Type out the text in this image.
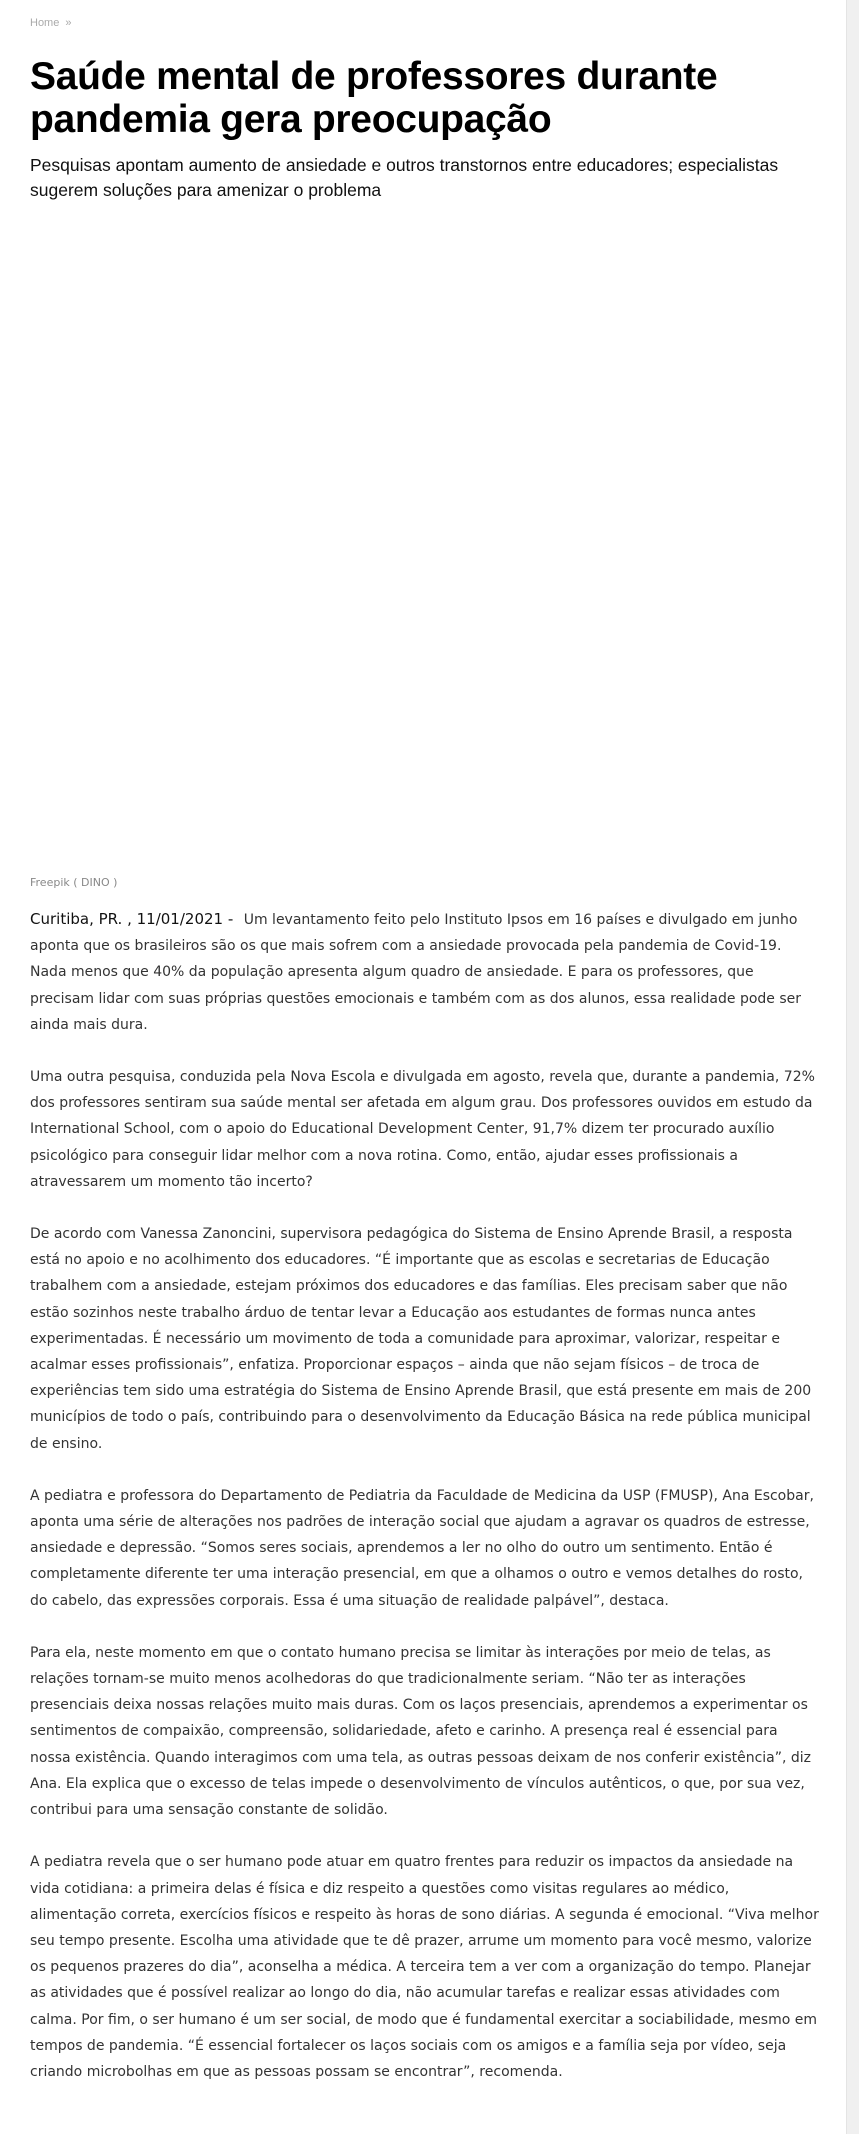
Home »
Saúde mental de professores durante pandemia gera preocupação
Pesquisas apontam aumento de ansiedade e outros transtornos entre educadores; especialistas sugerem soluções para amenizar o problema
Freepik ( DINO )

Curitiba, PR. , 11/01/2021 - Um levantamento feito pelo Instituto Ipsos em 16 países e divulgado em junho aponta que os brasileiros são os que mais sofrem com a ansiedade provocada pela pandemia de Covid-19. Nada menos que 40% da população apresenta algum quadro de ansiedade. E para os professores, que precisam lidar com suas próprias questões emocionais e também com as dos alunos, essa realidade pode ser ainda mais dura.

Uma outra pesquisa, conduzida pela Nova Escola e divulgada em agosto, revela que, durante a pandemia, 72% dos professores sentiram sua saúde mental ser afetada em algum grau. Dos professores ouvidos em estudo da International School, com o apoio do Educational Development Center, 91,7% dizem ter procurado auxílio psicológico para conseguir lidar melhor com a nova rotina. Como, então, ajudar esses profissionais a atravessarem um momento tão incerto?

De acordo com Vanessa Zanoncini, supervisora pedagógica do Sistema de Ensino Aprende Brasil, a resposta está no apoio e no acolhimento dos educadores. “É importante que as escolas e secretarias de Educação trabalhem com a ansiedade, estejam próximos dos educadores e das famílias. Eles precisam saber que não estão sozinhos neste trabalho árduo de tentar levar a Educação aos estudantes de formas nunca antes experimentadas. É necessário um movimento de toda a comunidade para aproximar, valorizar, respeitar e acalmar esses profissionais”, enfatiza. Proporcionar espaços – ainda que não sejam físicos – de troca de experiências tem sido uma estratégia do Sistema de Ensino Aprende Brasil, que está presente em mais de 200 municípios de todo o país, contribuindo para o desenvolvimento da Educação Básica na rede pública municipal de ensino.

A pediatra e professora do Departamento de Pediatria da Faculdade de Medicina da USP (FMUSP), Ana Escobar, aponta uma série de alterações nos padrões de interação social que ajudam a agravar os quadros de estresse, ansiedade e depressão. “Somos seres sociais, aprendemos a ler no olho do outro um sentimento. Então é completamente diferente ter uma interação presencial, em que a olhamos o outro e vemos detalhes do rosto, do cabelo, das expressões corporais. Essa é uma situação de realidade palpável”, destaca.

Para ela, neste momento em que o contato humano precisa se limitar às interações por meio de telas, as relações tornam-se muito menos acolhedoras do que tradicionalmente seriam. “Não ter as interações presenciais deixa nossas relações muito mais duras. Com os laços presenciais, aprendemos a experimentar os sentimentos de compaixão, compreensão, solidariedade, afeto e carinho. A presença real é essencial para nossa existência. Quando interagimos com uma tela, as outras pessoas deixam de nos conferir existência”, diz Ana. Ela explica que o excesso de telas impede o desenvolvimento de vínculos autênticos, o que, por sua vez, contribui para uma sensação constante de solidão.

A pediatra revela que o ser humano pode atuar em quatro frentes para reduzir os impactos da ansiedade na vida cotidiana: a primeira delas é física e diz respeito a questões como visitas regulares ao médico, alimentação correta, exercícios físicos e respeito às horas de sono diárias. A segunda é emocional. “Viva melhor seu tempo presente. Escolha uma atividade que te dê prazer, arrume um momento para você mesmo, valorize os pequenos prazeres do dia”, aconselha a médica. A terceira tem a ver com a organização do tempo. Planejar as atividades que é possível realizar ao longo do dia, não acumular tarefas e realizar essas atividades com calma. Por fim, o ser humano é um ser social, de modo que é fundamental exercitar a sociabilidade, mesmo em tempos de pandemia. “É essencial fortalecer os laços sociais com os amigos e a família seja por vídeo, seja criando microbolhas em que as pessoas possam se encontrar”, recomenda.
